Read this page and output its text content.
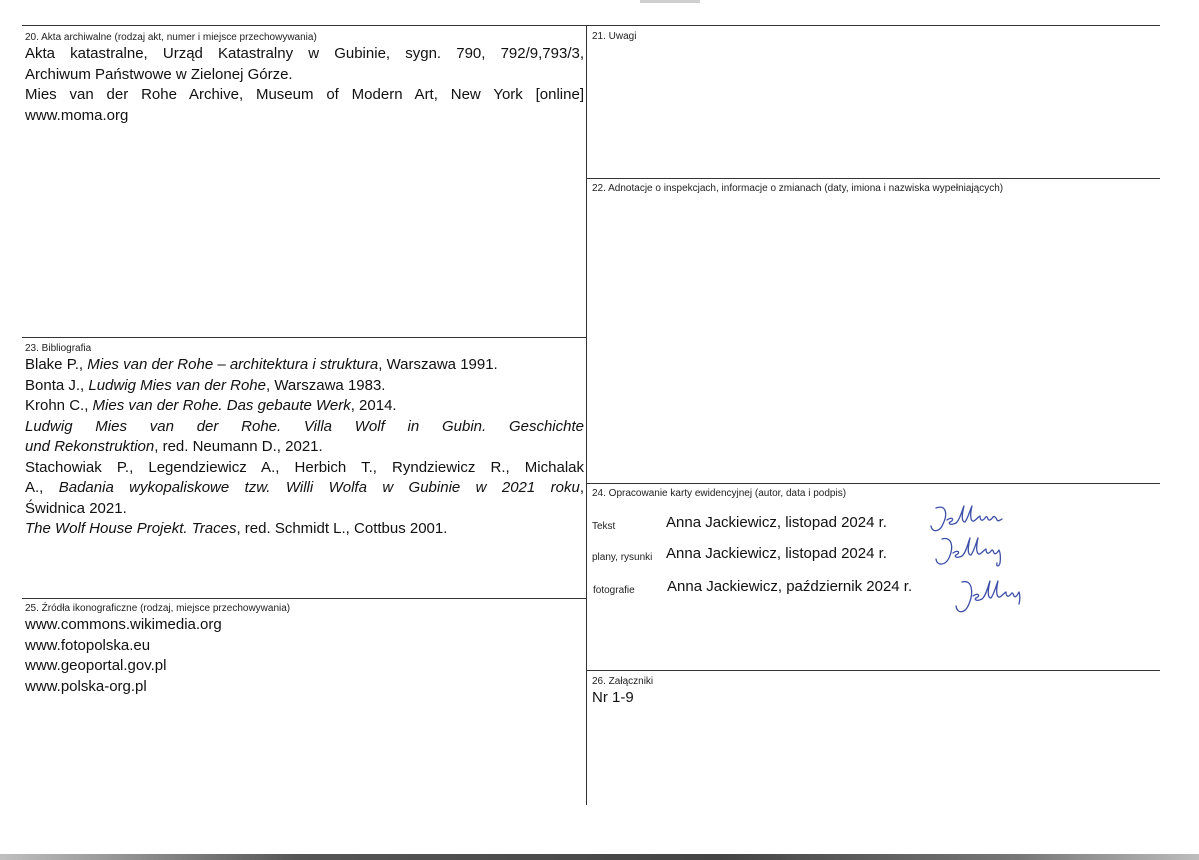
20. Akta archiwalne (rodzaj akt, numer i miejsce przechowywania)

Akta katastralne, Urząd Katastralny w Gubinie, sygn. 790, 792/9,793/3,

Archiwum Państwowe w Zielonej Górze.

Mies van der Rohe Archive, Museum of Modern Art, New York [online]

www.moma.org

21. Uwagi
22. Adnotacje o inspekcjach, informacje o zmianach (daty, imiona i nazwiska wypełniających)
23. Bibliografia

Blake P., Mies van der Rohe – architektura i struktura, Warszawa 1991.

Bonta J., Ludwig Mies van der Rohe, Warszawa 1983.

Krohn C., Mies van der Rohe. Das gebaute Werk, 2014.

Ludwig Mies van der Rohe. Villa Wolf in Gubin. Geschichte

und Rekonstruktion, red. Neumann D., 2021.

Stachowiak P., Legendziewicz A., Herbich T., Ryndziewicz R., Michalak

A., Badania wykopaliskowe tzw. Willi Wolfa w Gubinie w 2021 roku,

Świdnica 2021.

The Wolf House Projekt. Traces, red. Schmidt L., Cottbus 2001.

24. Opracowanie karty ewidencyjnej (autor, data i podpis)
Tekst	Anna Jackiewicz, listopad 2024 r.
plany, rysunki Anna Jackiewicz, listopad 2024 r.
fotografie Anna Jackiewicz, październik 2024 r.
25. Źródła ikonograficzne (rodzaj, miejsce przechowywania)

www.commons.wikimedia.org

www.fotopolska.eu

www.geoportal.gov.pl

www.polska-org.pl	26. Załączniki
Nr 1-9
